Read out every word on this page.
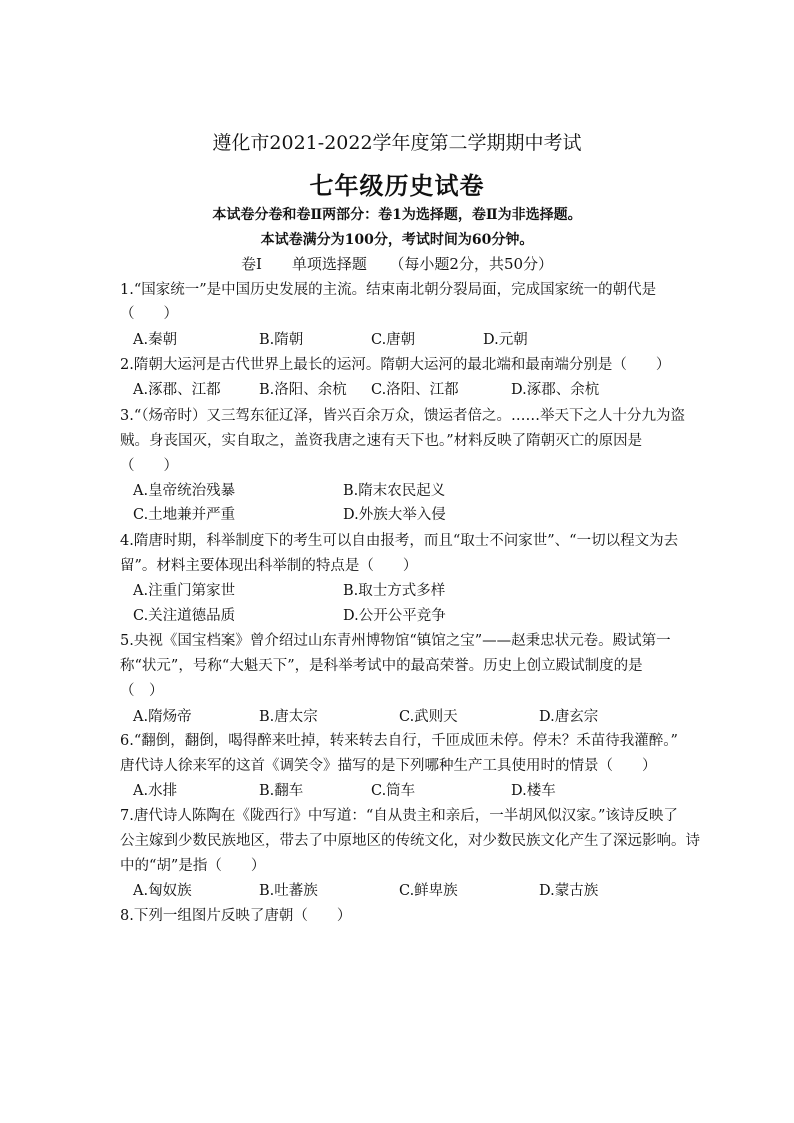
遵化市2021-2022学年度第二学期期中考试
七年级历史试卷
本试卷分卷和卷Ⅱ两部分：卷1为选择题，卷Ⅱ为非选择题。
本试卷满分为100分，考试时间为60分钟。
卷Ⅰ　　单项选择题　　（每小题2分，共50分）
1.“国家统一”是中国历史发展的主流。结束南北朝分裂局面，完成国家统一的朝代是
（　　）
A.秦朝	B.隋朝	C.唐朝	D.元朝
2.隋朝大运河是古代世界上最长的运河。隋朝大运河的最北端和最南端分别是（　　）
A.涿郡、江都	B.洛阳、余杭 C.洛阳、江都	D.涿郡、余杭
3.“（炀帝时）又三驾东征辽泽，皆兴百余万众，馈运者倍之。……举天下之人十分九为盗
贼。身丧国灭，实自取之，盖资我唐之速有天下也。”材料反映了隋朝灭亡的原因是
（　　）
A.皇帝统治残暴	B.隋末农民起义
C.土地兼并严重	D.外族大举入侵
4.隋唐时期，科举制度下的考生可以自由报考，而且“取士不问家世”、“一切以程文为去
留”。材料主要体现出科举制的特点是（　　）
A.注重门第家世	B.取士方式多样
C.关注道德品质	D.公开公平竞争
5.央视《国宝档案》曾介绍过山东青州博物馆“镇馆之宝”——赵秉忠状元卷。殿试第一
称“状元”，号称“大魁天下”，是科举考试中的最高荣誉。历史上创立殿试制度的是
（　）
A.隋炀帝	B.唐太宗	C.武则天	D.唐玄宗
6.“翻倒，翻倒，喝得醉来吐掉，转来转去自行，千匝成匝未停。停未？禾苗待我灌醉。”
唐代诗人徐来军的这首《调笑令》描写的是下列哪种生产工具使用时的情景（　　）
A.水排	B.翻车	C.筒车	D.楼车
7.唐代诗人陈陶在《陇西行》中写道：“自从贵主和亲后，一半胡风似汉家。”该诗反映了
公主嫁到少数民族地区，带去了中原地区的传统文化，对少数民族文化产生了深远影响。诗
中的“胡”是指（　　）
A.匈奴族	B.吐蕃族	C.鲜卑族	D.蒙古族
8.下列一组图片反映了唐朝（　　）
